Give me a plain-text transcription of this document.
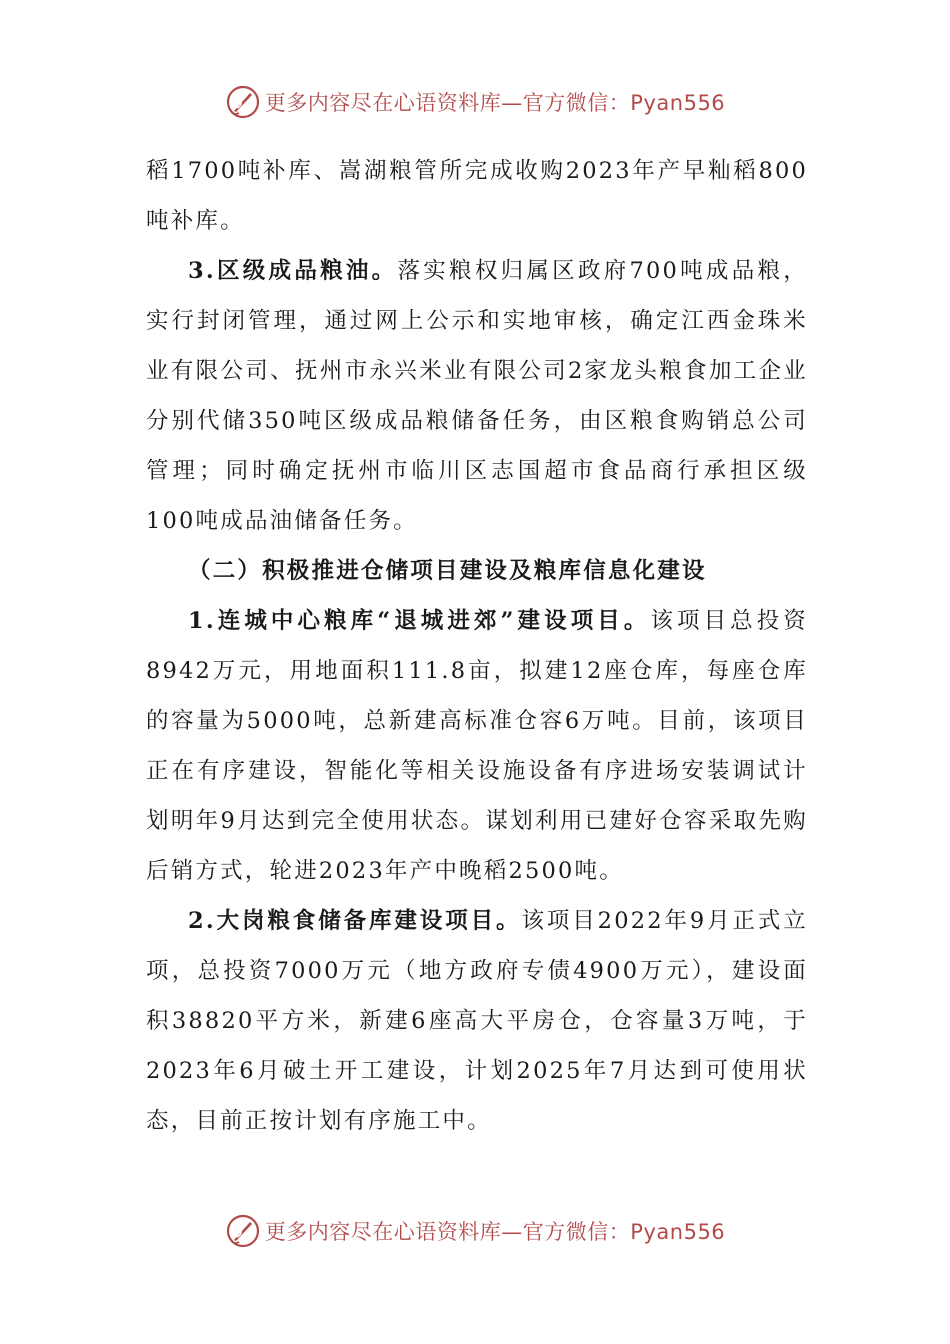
更多内容尽在心语资料库—官方微信：Pyan556

稻1700吨补库、嵩湖粮管所完成收购2023年产早籼稻800吨补库。

3.区级成品粮油。落实粮权归属区政府700吨成品粮，实行封闭管理，通过网上公示和实地审核，确定江西金珠米业有限公司、抚州市永兴米业有限公司2家龙头粮食加工企业分别代储350吨区级成品粮储备任务，由区粮食购销总公司管理；同时确定抚州市临川区志国超市食品商行承担区级100吨成品油储备任务。

（二）积极推进仓储项目建设及粮库信息化建设

1.连城中心粮库“退城进郊”建设项目。该项目总投资8942万元，用地面积111.8亩，拟建12座仓库，每座仓库的容量为5000吨，总新建高标准仓容6万吨。目前，该项目正在有序建设，智能化等相关设施设备有序进场安装调试计划明年9月达到完全使用状态。谋划利用已建好仓容采取先购后销方式，轮进2023年产中晚稻2500吨。

2.大岗粮食储备库建设项目。该项目2022年9月正式立项，总投资7000万元（地方政府专债4900万元），建设面积38820平方米，新建6座高大平房仓，仓容量3万吨，于2023年6月破土开工建设，计划2025年7月达到可使用状态，目前正按计划有序施工中。

更多内容尽在心语资料库—官方微信：Pyan556
